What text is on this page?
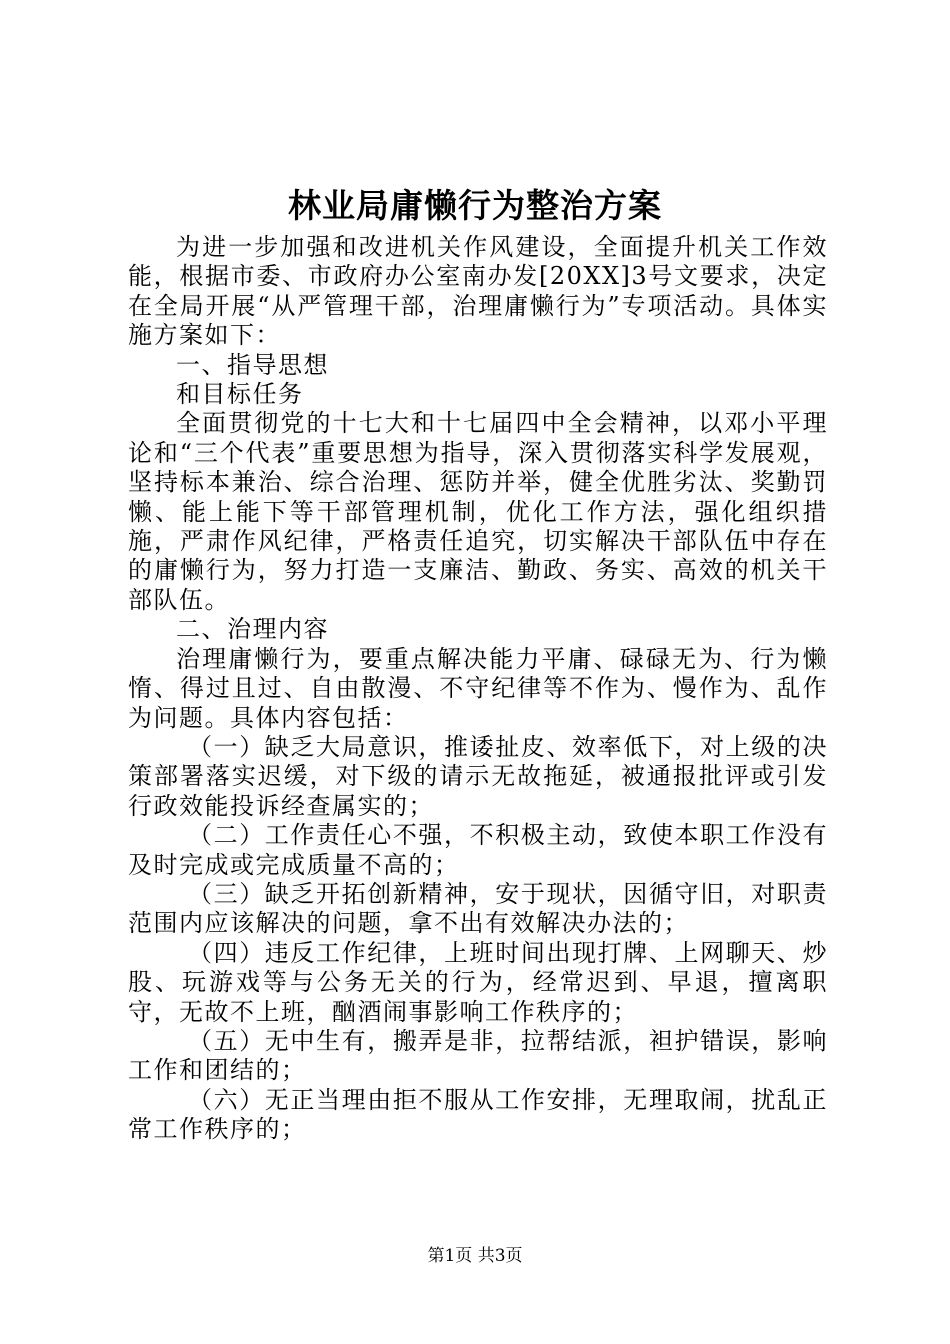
林业局庸懒行为整治方案

为进一步加强和改进机关作风建设，全面提升机关工作效能，根据市委、市政府办公室南办发[20XX]3号文要求，决定在全局开展“从严管理干部，治理庸懒行为”专项活动。具体实施方案如下：

一、指导思想

和目标任务

全面贯彻党的十七大和十七届四中全会精神，以邓小平理论和“三个代表”重要思想为指导，深入贯彻落实科学发展观，坚持标本兼治、综合治理、惩防并举，健全优胜劣汰、奖勤罚懒、能上能下等干部管理机制，优化工作方法，强化组织措施，严肃作风纪律，严格责任追究，切实解决干部队伍中存在的庸懒行为，努力打造一支廉洁、勤政、务实、高效的机关干部队伍。

二、治理内容

治理庸懒行为，要重点解决能力平庸、碌碌无为、行为懒惰、得过且过、自由散漫、不守纪律等不作为、慢作为、乱作为问题。具体内容包括：

（一）缺乏大局意识，推诿扯皮、效率低下，对上级的决策部署落实迟缓，对下级的请示无故拖延，被通报批评或引发行政效能投诉经查属实的；

（二）工作责任心不强，不积极主动，致使本职工作没有及时完成或完成质量不高的；

（三）缺乏开拓创新精神，安于现状，因循守旧，对职责范围内应该解决的问题，拿不出有效解决办法的；

（四）违反工作纪律，上班时间出现打牌、上网聊天、炒股、玩游戏等与公务无关的行为，经常迟到、早退，擅离职守，无故不上班，酗酒闹事影响工作秩序的；

（五）无中生有，搬弄是非，拉帮结派，袒护错误，影响工作和团结的；

（六）无正当理由拒不服从工作安排，无理取闹，扰乱正常工作秩序的；

第1页 共3页
